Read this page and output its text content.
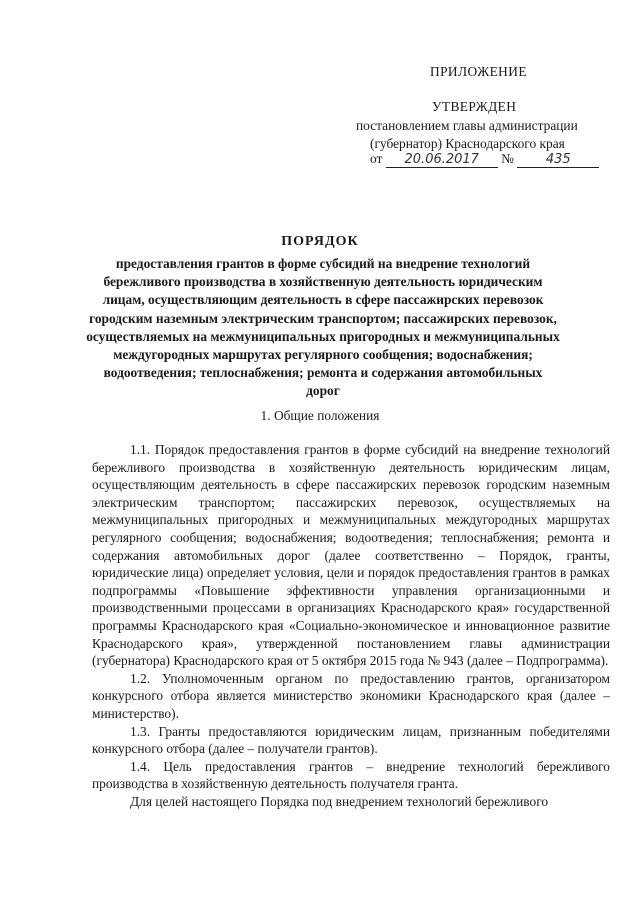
ПРИЛОЖЕНИЕ
УТВЕРЖДЕН
постановлением главы администрации
(губернатор) Краснодарского края
от 20.06.2017 № 435
ПОРЯДОК
предоставления грантов в форме субсидий на внедрение технологий бережливого производства в хозяйственную деятельность юридическим лицам, осуществляющим деятельность в сфере пассажирских перевозок городским наземным электрическим транспортом; пассажирских перевозок, осуществляемых на межмуниципальных пригородных и межмуниципальных междугородных маршрутах регулярного сообщения; водоснабжения; водоотведения; теплоснабжения; ремонта и содержания автомобильных дорог
1. Общие положения

1.1. Порядок предоставления грантов в форме субсидий на внедрение технологий бережливого производства в хозяйственную деятельность юридическим лицам, осуществляющим деятельность в сфере пассажирских перевозок городским наземным электрическим транспортом; пассажирских перевозок, осуществляемых на межмуниципальных пригородных и межмуниципальных междугородных маршрутах регулярного сообщения; водоснабжения; водоотведения; теплоснабжения; ремонта и содержания автомобильных дорог (далее соответственно – Порядок, гранты, юридические лица) определяет условия, цели и порядок предоставления грантов в рамках подпрограммы «Повышение эффективности управления организационными и производственными процессами в организациях Краснодарского края» государственной программы Краснодарского края «Социально-экономическое и инновационное развитие Краснодарского края», утвержденной постановлением главы администрации (губернатора) Краснодарского края от 5 октября 2015 года № 943 (далее – Подпрограмма).

1.2. Уполномоченным органом по предоставлению грантов, организатором конкурсного отбора является министерство экономики Краснодарского края (далее – министерство).

1.3. Гранты предоставляются юридическим лицам, признанным победителями конкурсного отбора (далее – получатели грантов).

1.4. Цель предоставления грантов – внедрение технологий бережливого производства в хозяйственную деятельность получателя гранта.

Для целей настоящего Порядка под внедрением технологий бережливого
